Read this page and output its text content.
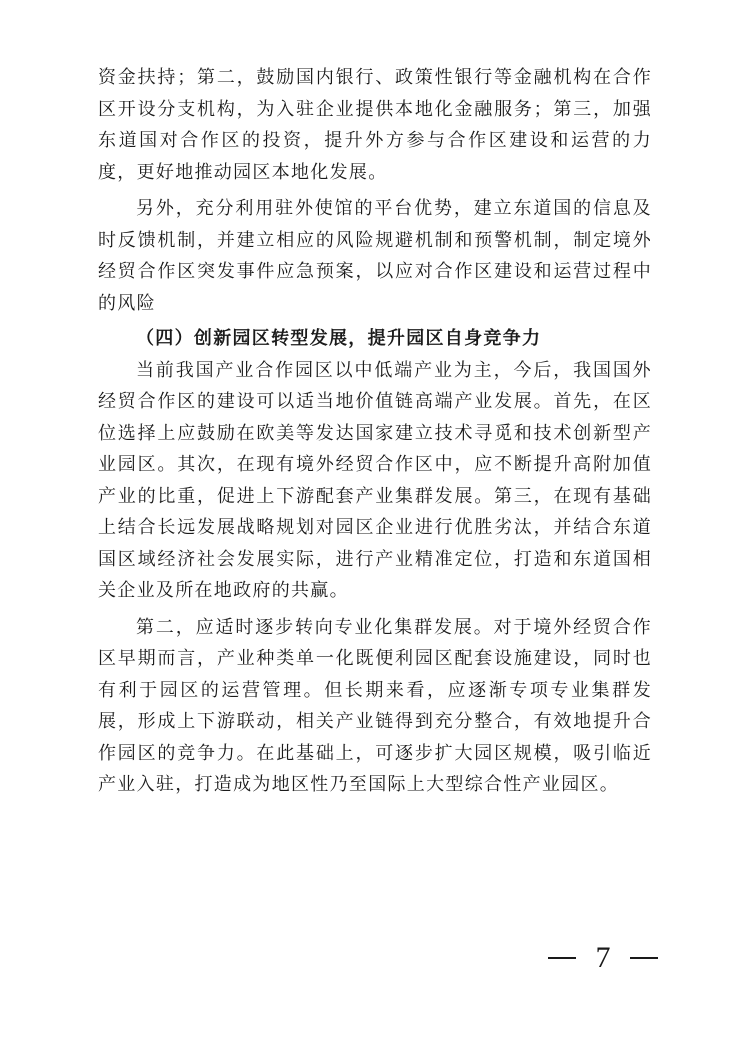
资金扶持；第二，鼓励国内银行、政策性银行等金融机构在合作区开设分支机构，为入驻企业提供本地化金融服务；第三，加强东道国对合作区的投资，提升外方参与合作区建设和运营的力度，更好地推动园区本地化发展。

另外，充分利用驻外使馆的平台优势，建立东道国的信息及时反馈机制，并建立相应的风险规避机制和预警机制，制定境外经贸合作区突发事件应急预案，以应对合作区建设和运营过程中的风险

（四）创新园区转型发展，提升园区自身竞争力

当前我国产业合作园区以中低端产业为主，今后，我国国外经贸合作区的建设可以适当地价值链高端产业发展。首先，在区位选择上应鼓励在欧美等发达国家建立技术寻觅和技术创新型产业园区。其次，在现有境外经贸合作区中，应不断提升高附加值产业的比重，促进上下游配套产业集群发展。第三，在现有基础上结合长远发展战略规划对园区企业进行优胜劣汰，并结合东道国区域经济社会发展实际，进行产业精准定位，打造和东道国相关企业及所在地政府的共赢。

第二，应适时逐步转向专业化集群发展。对于境外经贸合作区早期而言，产业种类单一化既便利园区配套设施建设，同时也有利于园区的运营管理。但长期来看，应逐渐专项专业集群发展，形成上下游联动，相关产业链得到充分整合，有效地提升合作园区的竞争力。在此基础上，可逐步扩大园区规模，吸引临近产业入驻，打造成为地区性乃至国际上大型综合性产业园区。

7
